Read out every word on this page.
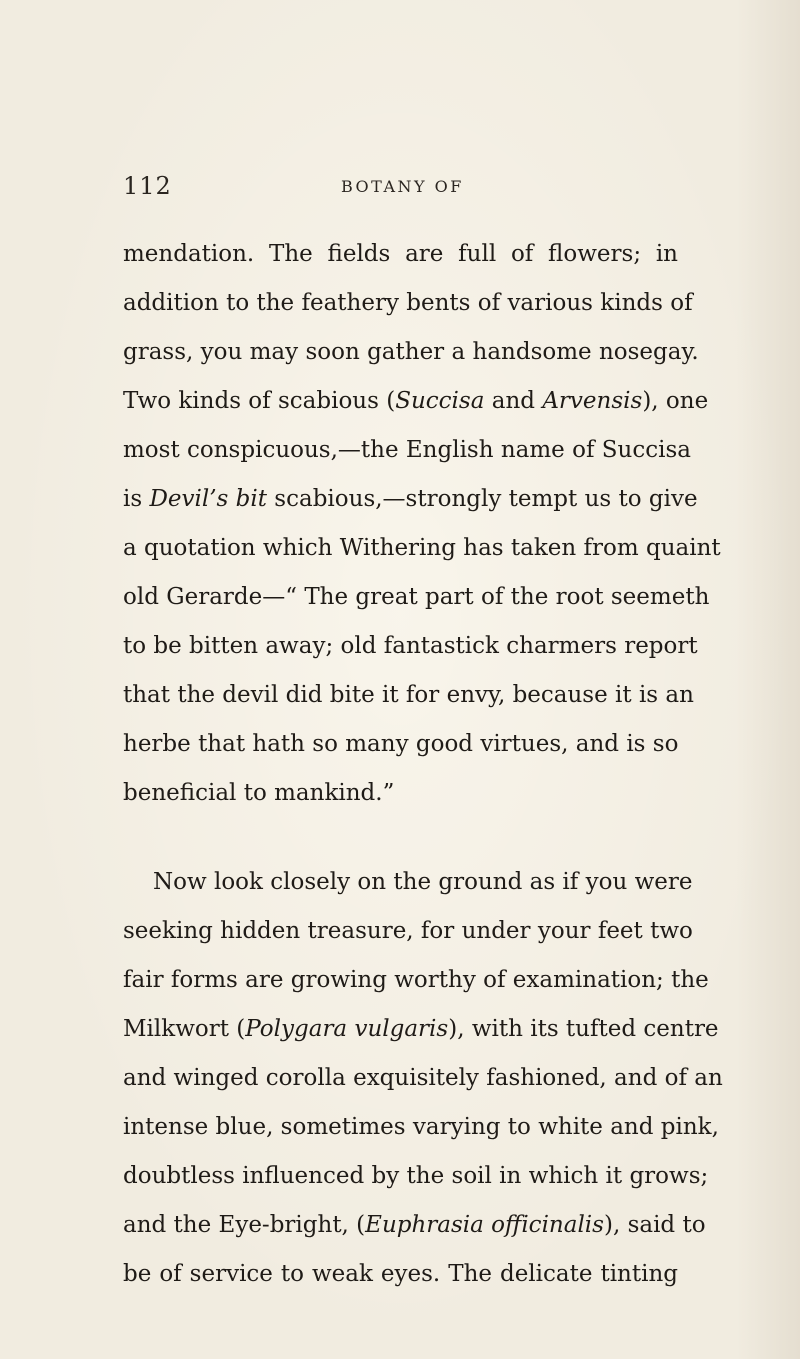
112	BOTANY OF
mendation. The fields are full of flowers; in
addition to the feathery bents of various kinds of
grass, you may soon gather a handsome nosegay.
Two kinds of scabious (Succisa and Arvensis), one
most conspicuous,—the English name of Succisa
is Devil’s bit scabious,—strongly tempt us to give
a quotation which Withering has taken from quaint
old Gerarde—“ The great part of the root seemeth
to be bitten away; old fantastick charmers report
that the devil did bite it for envy, because it is an
herbe that hath so many good virtues, and is so
beneficial to mankind.”
Now look closely on the ground as if you were
seeking hidden treasure, for under your feet two
fair forms are growing worthy of examination; the
Milkwort (Polygara vulgaris), with its tufted centre
and winged corolla exquisitely fashioned, and of an
intense blue, sometimes varying to white and pink,
doubtless influenced by the soil in which it grows;
and the Eye-bright, (Euphrasia officinalis), said to
be of service to weak eyes. The delicate tinting
